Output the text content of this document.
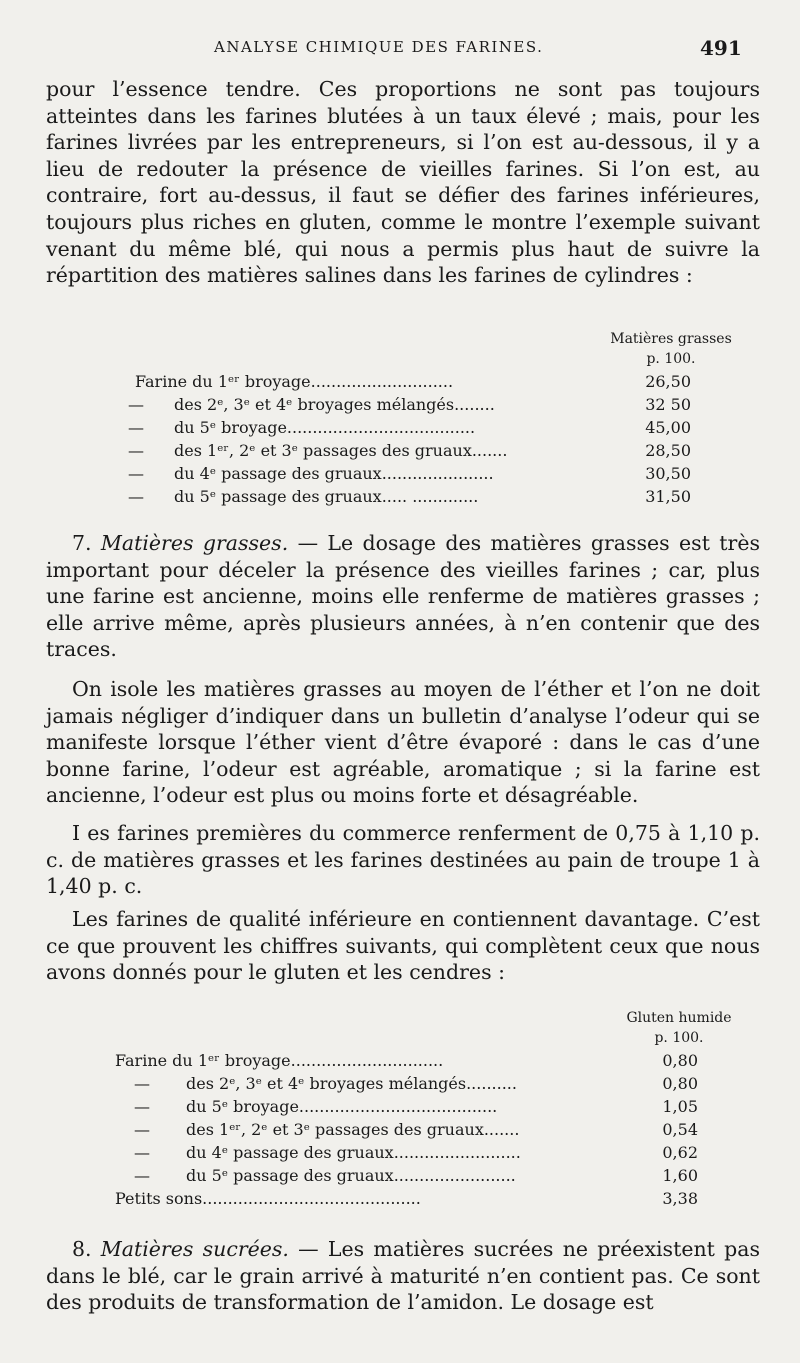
ANALYSE CHIMIQUE DES FARINES.	491

pour l’essence tendre. Ces proportions ne sont pas toujours atteintes dans les farines blutées à un taux élevé ; mais, pour les farines livrées par les entrepreneurs, si l’on est au-dessous, il y a lieu de redouter la présence de vieilles farines. Si l’on est, au contraire, fort au-dessus, il faut se défier des farines inférieures, toujours plus riches en gluten, comme le montre l’exemple suivant venant du même blé, qui nous a permis plus haut de suivre la répartition des matières salines dans les farines de cylindres :

Matières grasses
p. 100.
Farine du 1ᵉʳ broyage............................	26,50
— des 2ᵉ, 3ᵉ et 4ᵉ broyages mélangés........	32 50
— du 5ᵉ broyage.....................................	45,00
— des 1ᵉʳ, 2ᵉ et 3ᵉ passages des gruaux.......	28,50
— du 4ᵉ passage des gruaux......................	30,50
— du 5ᵉ passage des gruaux..... .............	31,50

7. Matières grasses. — Le dosage des matières grasses est très important pour déceler la présence des vieilles farines ; car, plus une farine est ancienne, moins elle renferme de matières grasses ; elle arrive même, après plusieurs années, à n’en contenir que des traces.

On isole les matières grasses au moyen de l’éther et l’on ne doit jamais négliger d’indiquer dans un bulletin d’analyse l’odeur qui se manifeste lorsque l’éther vient d’être évaporé : dans le cas d’une bonne farine, l’odeur est agréable, aromatique ; si la farine est ancienne, l’odeur est plus ou moins forte et désagréable.

I es farines premières du commerce renferment de 0,75 à 1,10 p. c. de matières grasses et les farines destinées au pain de troupe 1 à 1,40 p. c.

Les farines de qualité inférieure en contiennent davantage. C’est ce que prouvent les chiffres suivants, qui complètent ceux que nous avons donnés pour le gluten et les cendres :

Gluten humide
p. 100.
Farine du 1ᵉʳ broyage..............................	0,80
— des 2ᵉ, 3ᵉ et 4ᵉ broyages mélangés..........	0,80
— du 5ᵉ broyage.......................................	1,05
— des 1ᵉʳ, 2ᵉ et 3ᵉ passages des gruaux.......	0,54
— du 4ᵉ passage des gruaux.........................	0,62
— du 5ᵉ passage des gruaux........................	1,60
Petits sons...........................................	3,38

8. Matières sucrées. — Les matières sucrées ne préexistent pas dans le blé, car le grain arrivé à maturité n’en contient pas. Ce sont des produits de transformation de l’amidon. Le dosage est
